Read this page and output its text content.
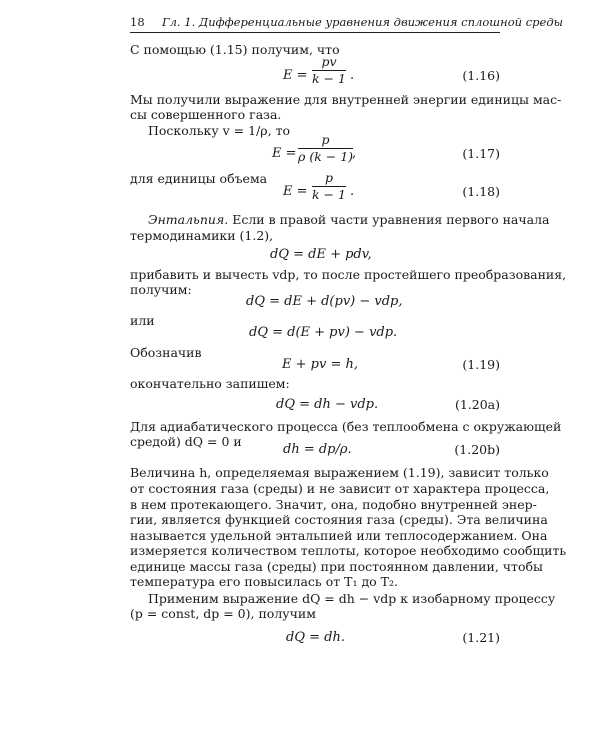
18 Гл. 1. Дифференциальные уравнения движения сплошной среды
С помощью (1.15) получим, что
$E = \frac{pv}{k - 1}$ .	(1.16)
Мы получили выражение для внутренней энергии единицы мас-
сы совершенного газа.
Поскольку v = 1/ρ, то
$E = \frac{p}{\rho (k - 1)}$
,	(1.17)
для единицы объема
$E = \frac{p}{k - 1}$ .	(1.18)
Энтальпия. Если в правой части уравнения первого начала
термодинамики (1.2),
dQ = dE + pdv,
прибавить и вычесть vdp, то после простейшего преобразования,
получим:
dQ = dE + d(pv) − vdp,
или
dQ = d(E + pv) − vdp.
Обозначив
E + pv = h,	(1.19)
окончательно запишем:
dQ = dh − vdp.	(1.20a)
Для адиабатического процесса (без теплообмена с окружающей
средой) dQ = 0 и
dh = dp/ρ.	(1.20b)
Величина h, определяемая выражением (1.19), зависит только
от состояния газа (среды) и не зависит от характера процесса,
в нем протекающего. Значит, она, подобно внутренней энер-
гии, является функцией состояния газа (среды). Эта величина
называется удельной энтальпией или теплосодержанием. Она
измеряется количеством теплоты, которое необходимо сообщить
единице массы газа (среды) при постоянном давлении, чтобы
температура его повысилась от T₁ до T₂.
Применим выражение dQ = dh − vdp к изобарному процессу
(p = const, dp = 0), получим
dQ = dh.	(1.21)
